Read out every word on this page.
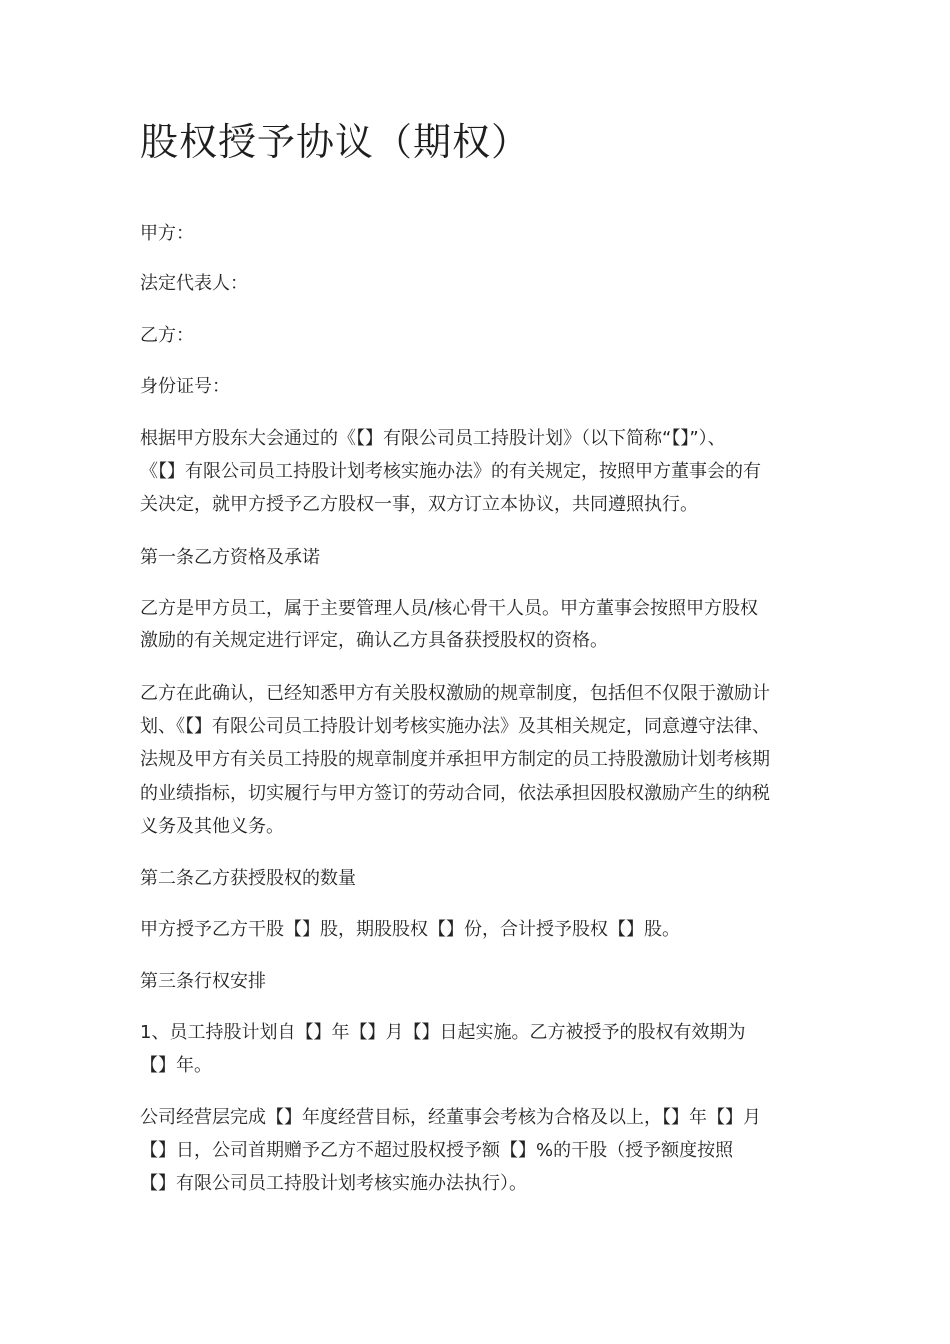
股权授予协议（期权）

甲方：

法定代表人：

乙方：

身份证号：

根据甲方股东大会通过的《【】有限公司员工持股计划》（以下简称“【】”）、

《【】有限公司员工持股计划考核实施办法》的有关规定，按照甲方董事会的有

关决定，就甲方授予乙方股权一事，双方订立本协议，共同遵照执行。

第一条乙方资格及承诺

乙方是甲方员工，属于主要管理人员/核心骨干人员。甲方董事会按照甲方股权

激励的有关规定进行评定，确认乙方具备获授股权的资格。

乙方在此确认，已经知悉甲方有关股权激励的规章制度，包括但不仅限于激励计

划、《【】有限公司员工持股计划考核实施办法》及其相关规定，同意遵守法律、

法规及甲方有关员工持股的规章制度并承担甲方制定的员工持股激励计划考核期

的业绩指标，切实履行与甲方签订的劳动合同，依法承担因股权激励产生的纳税

义务及其他义务。

第二条乙方获授股权的数量

甲方授予乙方干股【】股，期股股权【】份，合计授予股权【】股。

第三条行权安排

1、员工持股计划自【】年【】月【】日起实施。乙方被授予的股权有效期为

【】年。

公司经营层完成【】年度经营目标，经董事会考核为合格及以上，【】年【】月

【】日，公司首期赠予乙方不超过股权授予额【】%的干股（授予额度按照

【】有限公司员工持股计划考核实施办法执行）。
